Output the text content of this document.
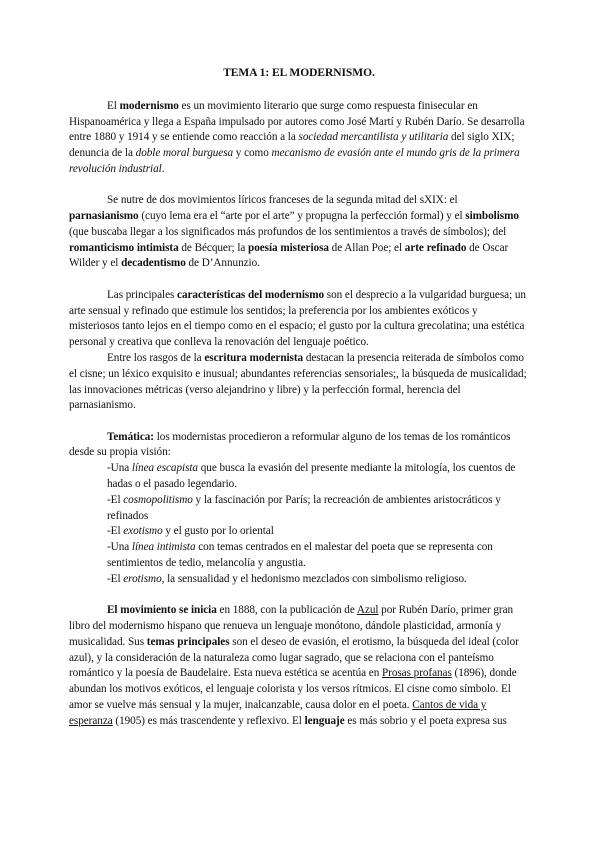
TEMA 1: EL MODERNISMO.

El modernismo es un movimiento literario que surge como respuesta finisecular en Hispanoamérica y llega a España impulsado por autores como José Martí y Rubén Darío. Se desarrolla entre 1880 y 1914 y se entiende como reacción a la sociedad mercantilista y utilitaria del siglo XIX; denuncia de la doble moral burguesa y como mecanismo de evasión ante el mundo gris de la primera revolución industrial.

Se nutre de dos movimientos líricos franceses de la segunda mitad del sXIX: el parnasianismo (cuyo lema era el “arte por el arte” y propugna la perfección formal) y el simbolismo (que buscaba llegar a los significados más profundos de los sentimientos a través de símbolos); del romanticismo intimista de Bécquer; la poesía misteriosa de Allan Poe; el arte refinado de Oscar Wilder y el decadentismo de D’Annunzio.

Las principales características del modernismo son el desprecio a la vulgaridad burguesa; un arte sensual y refinado que estimule los sentidos; la preferencia por los ambientes exóticos y misteriosos tanto lejos en el tiempo como en el espacio; el gusto por la cultura grecolatina; una estética personal y creativa que conlleva la renovación del lenguaje poético.

Entre los rasgos de la escritura modernista destacan la presencia reiterada de símbolos como el cisne; un léxico exquisito e inusual; abundantes referencias sensoriales;, la búsqueda de musicalidad; las innovaciones métricas (verso alejandrino y libre) y la perfección formal, herencia del parnasianismo.

Temática: los modernistas procedieron a reformular alguno de los temas de los románticos desde su propia visión:

-Una línea escapista que busca la evasión del presente mediante la mitología, los cuentos de hadas o el pasado legendario.

-El cosmopolitismo y la fascinación por París; la recreación de ambientes aristocráticos y refinados

-El exotismo y el gusto por lo oriental

-Una línea intimista con temas centrados en el malestar del poeta que se representa con sentimientos de tedio, melancolía y angustia.

-El erotismo, la sensualidad y el hedonismo mezclados con simbolismo religioso.

El movimiento se inicia en 1888, con la publicación de Azul por Rubén Darío, primer gran libro del modernismo hispano que renueva un lenguaje monótono, dándole plasticidad, armonía y musicalidad. Sus temas principales son el deseo de evasión, el erotismo, la búsqueda del ideal (color azul), y la consideración de la naturaleza como lugar sagrado, que se relaciona con el panteísmo romántico y la poesía de Baudelaire. Esta nueva estética se acentúa en Prosas profanas (1896), donde abundan los motivos exóticos, el lenguaje colorista y los versos rítmicos. El cisne como símbolo. El amor se vuelve más sensual y la mujer, inalcanzable, causa dolor en el poeta. Cantos de vida y esperanza (1905) es más trascendente y reflexivo. El lenguaje es más sobrio y el poeta expresa sus
